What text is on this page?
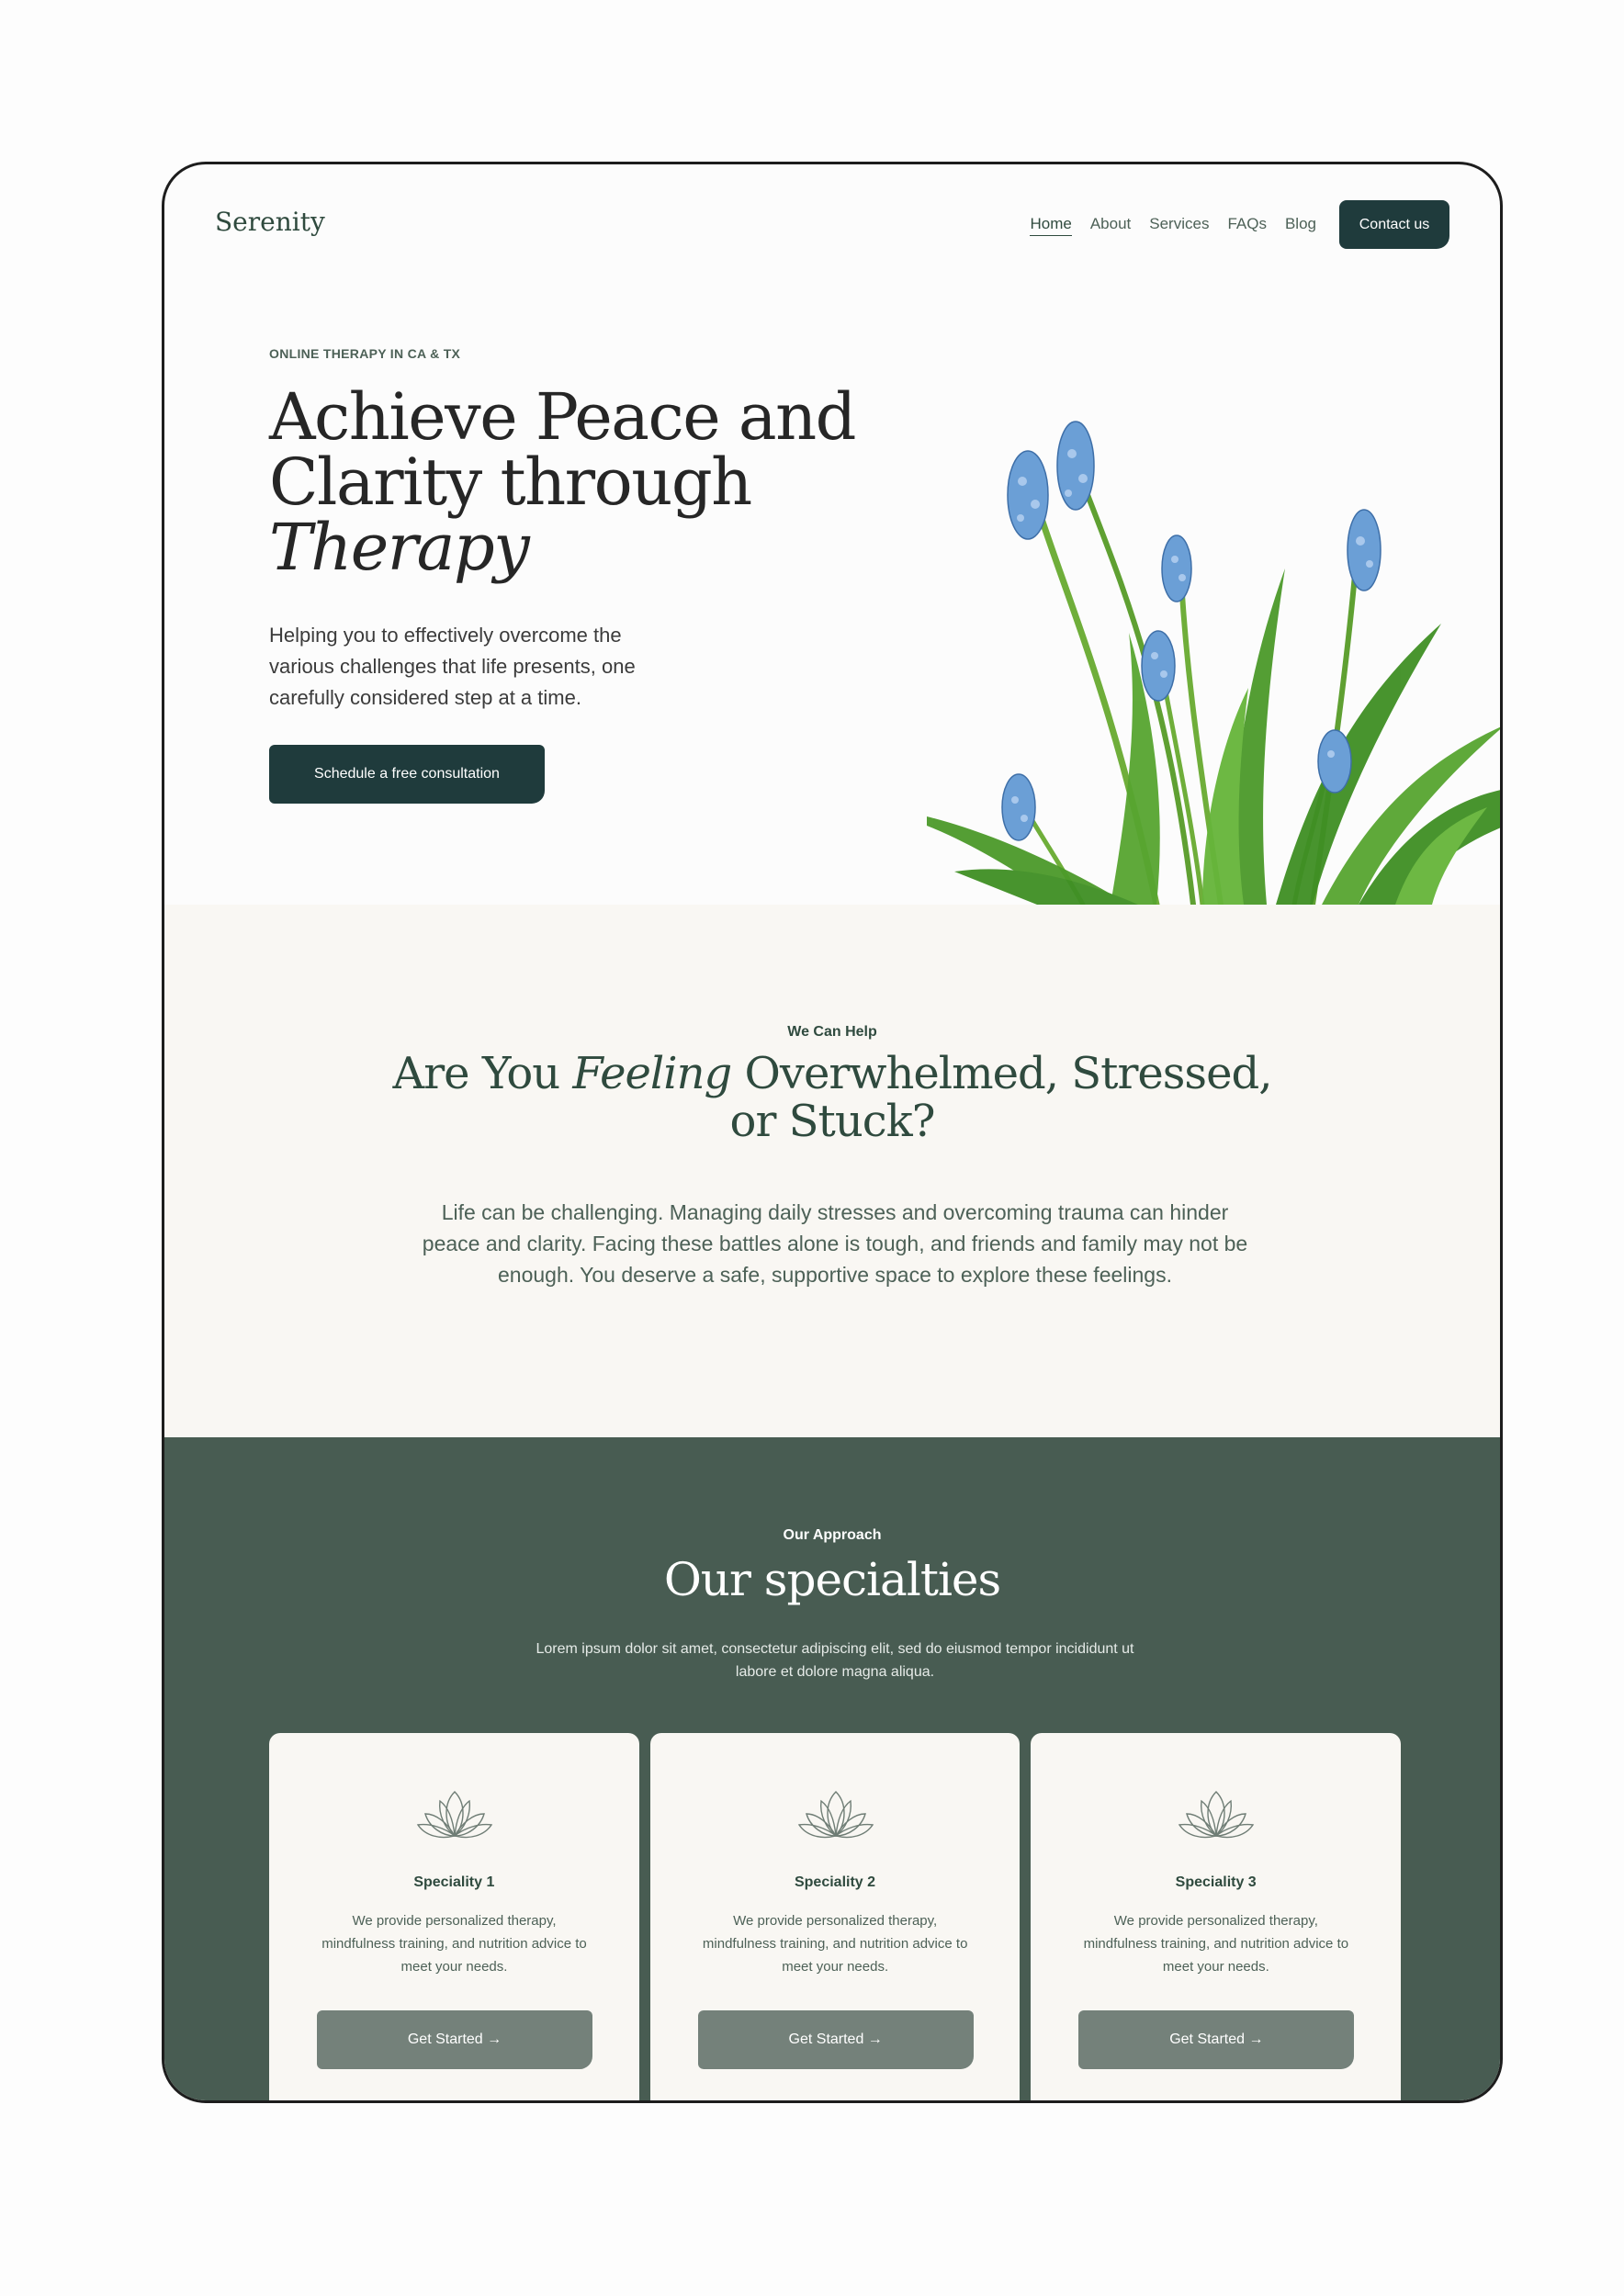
Serenity	Home About Services FAQs Blog	Contact us
ONLINE THERAPY IN CA & TX
Achieve Peace and
Clarity through
Therapy

Helping you to effectively overcome the various challenges that life presents, one carefully considered step at a time.

Schedule a free consultation
We Can Help
Are You Feeling Overwhelmed, Stressed,
or Stuck?

Life can be challenging. Managing daily stresses and overcoming trauma can hinder peace and clarity. Facing these battles alone is tough, and friends and family may not be enough. You deserve a safe, supportive space to explore these feelings.

Our Approach
Our specialties

Lorem ipsum dolor sit amet, consectetur adipiscing elit, sed do eiusmod tempor incididunt ut labore et dolore magna aliqua.

Speciality 1
We provide personalized therapy, mindfulness training, and nutrition advice to meet your needs.
Get Started →
Speciality 2
We provide personalized therapy, mindfulness training, and nutrition advice to meet your needs.
Get Started →
Speciality 3
We provide personalized therapy, mindfulness training, and nutrition advice to meet your needs.
Get Started →
